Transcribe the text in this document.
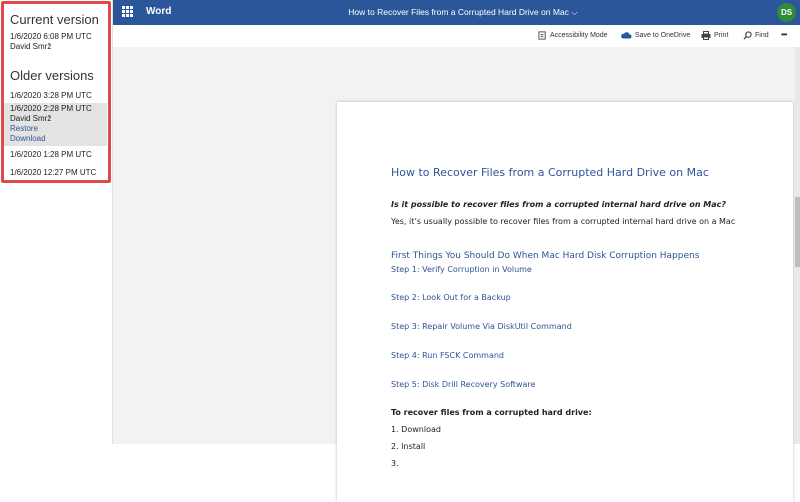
Current version
1/6/2020 6:08 PM UTC
David Smrž
Older versions
1/6/2020 3:28 PM UTC
1/6/2020 2:28 PM UTC
David Smrž
Restore
Download
1/6/2020 1:28 PM UTC
1/6/2020 12:27 PM UTC
Word	How to Recover Files from a Corrupted Hard Drive on Mac ⌵	DS
Accessibility Mode	Save to OneDrive	Print	Find •••
How to Recover Files from a Corrupted Hard Drive on Mac
Is it possible to recover files from a corrupted internal hard drive on Mac?
Yes, it’s usually possible to recover files from a corrupted internal hard drive on a Mac
First Things You Should Do When Mac Hard Disk Corruption Happens
Step 1: Verify Corruption in Volume
Step 2: Look Out for a Backup
Step 3: Repair Volume Via DiskUtil Command
Step 4: Run FSCK Command
Step 5: Disk Drill Recovery Software
To recover files from a corrupted hard drive:
1. Download
2. Install
3.
